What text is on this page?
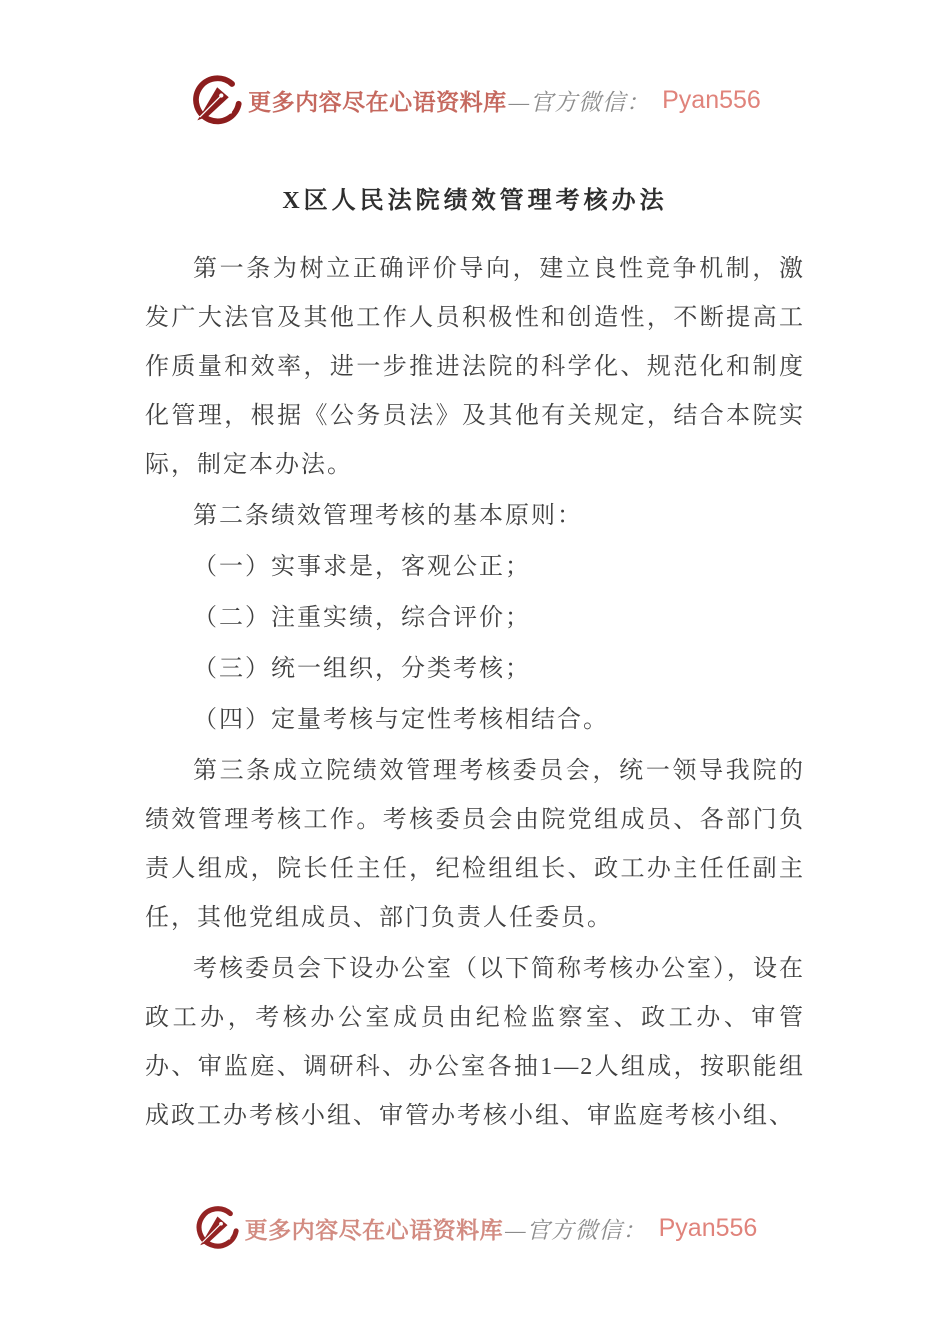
更多内容尽在心语资料库 —官方微信： Pyan556
X区人民法院绩效管理考核办法

第一条为树立正确评价导向，建立良性竞争机制，激发广大法官及其他工作人员积极性和创造性，不断提高工作质量和效率，进一步推进法院的科学化、规范化和制度化管理，根据《公务员法》及其他有关规定，结合本院实际，制定本办法。

第二条绩效管理考核的基本原则：

（一）实事求是，客观公正；

（二）注重实绩，综合评价；

（三）统一组织，分类考核；

（四）定量考核与定性考核相结合。

第三条成立院绩效管理考核委员会，统一领导我院的绩效管理考核工作。考核委员会由院党组成员、各部门负责人组成，院长任主任，纪检组组长、政工办主任任副主任，其他党组成员、部门负责人任委员。

考核委员会下设办公室（以下简称考核办公室），设在政工办，考核办公室成员由纪检监察室、政工办、审管办、审监庭、调研科、办公室各抽1—2人组成，按职能组成政工办考核小组、审管办考核小组、审监庭考核小组、

更多内容尽在心语资料库 —官方微信： Pyan556
